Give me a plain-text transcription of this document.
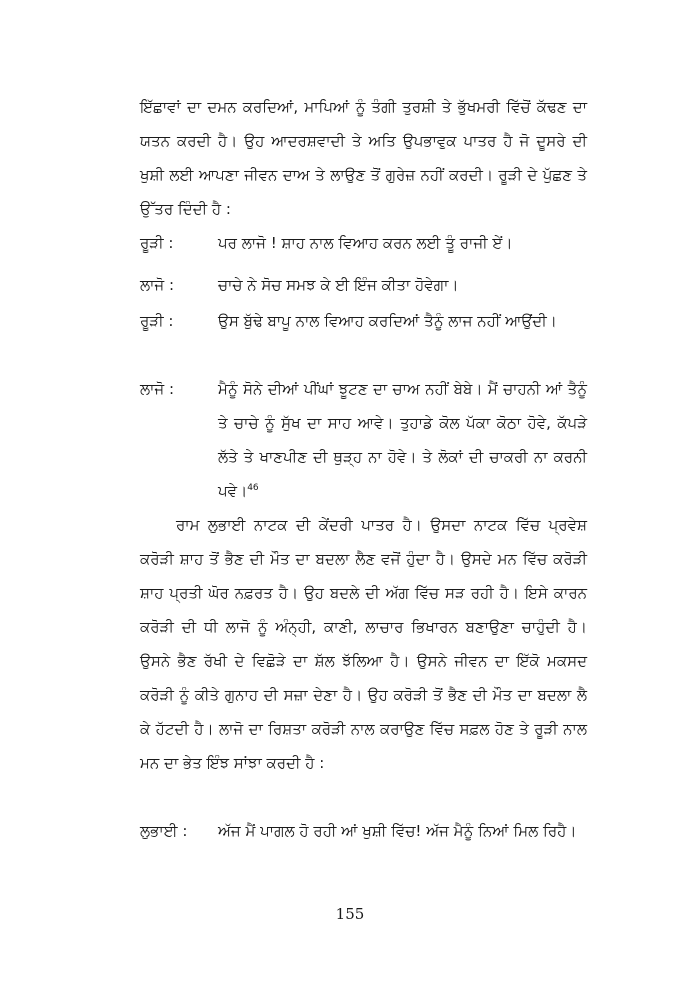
ਇੱਛਾਵਾਂ ਦਾ ਦਮਨ ਕਰਦਿਆਂ, ਮਾਪਿਆਂ ਨੂੰ ਤੰਗੀ ਤੁਰਸ਼ੀ ਤੇ ਭੁੱਖਮਰੀ ਵਿੱਚੋਂ ਕੱਢਣ ਦਾ ਯਤਨ ਕਰਦੀ ਹੈ। ਉਹ ਆਦਰਸ਼ਵਾਦੀ ਤੇ ਅਤਿ ਉਪਭਾਵੁਕ ਪਾਤਰ ਹੈ ਜੋ ਦੂਸਰੇ ਦੀ ਖੁਸ਼ੀ ਲਈ ਆਪਣਾ ਜੀਵਨ ਦਾਅ ਤੇ ਲਾਉਣ ਤੋਂ ਗੁਰੇਜ਼ ਨਹੀਂ ਕਰਦੀ। ਰੂੜੀ ਦੇ ਪੁੱਛਣ ਤੇ ਉੱਤਰ ਦਿੰਦੀ ਹੈ :

ਰੂੜੀ :	ਪਰ ਲਾਜੋ ! ਸ਼ਾਹ ਨਾਲ ਵਿਆਹ ਕਰਨ ਲਈ ਤੂੰ ਰਾਜੀ ਏਂ।
ਲਾਜੋ :	ਚਾਚੇ ਨੇ ਸੋਚ ਸਮਝ ਕੇ ਈ ਇੰਜ ਕੀਤਾ ਹੋਵੇਗਾ।
ਰੂੜੀ :	ਉਸ ਬੁੱਢੇ ਬਾਪੂ ਨਾਲ ਵਿਆਹ ਕਰਦਿਆਂ ਤੈਨੂੰ ਲਾਜ ਨਹੀਂ ਆਉਂਦੀ।
ਲਾਜੋ :	ਮੈਨੂੰ ਸੋਨੇ ਦੀਆਂ ਪੀਂਘਾਂ ਝੂਟਣ ਦਾ ਚਾਅ ਨਹੀਂ ਬੇਬੇ। ਮੈਂ ਚਾਹਨੀ ਆਂ ਤੈਨੂੰ ਤੇ ਚਾਚੇ ਨੂੰ ਸੁੱਖ ਦਾ ਸਾਹ ਆਵੇ। ਤੁਹਾਡੇ ਕੋਲ ਪੱਕਾ ਕੋਠਾ ਹੋਵੇ, ਕੱਪੜੇ ਲੱਤੇ ਤੇ ਖਾਣਪੀਣ ਦੀ ਥੁੜ੍ਹ ਨਾ ਹੋਵੇ। ਤੇ ਲੋਕਾਂ ਦੀ ਚਾਕਰੀ ਨਾ ਕਰਨੀ ਪਵੇ।$^{46}$

ਰਾਮ ਲੁਭਾਈ ਨਾਟਕ ਦੀ ਕੇਂਦਰੀ ਪਾਤਰ ਹੈ। ਉਸਦਾ ਨਾਟਕ ਵਿੱਚ ਪ੍ਰਵੇਸ਼ ਕਰੋੜੀ ਸ਼ਾਹ ਤੋਂ ਭੈਣ ਦੀ ਮੌਤ ਦਾ ਬਦਲਾ ਲੈਣ ਵਜੋਂ ਹੁੰਦਾ ਹੈ। ਉਸਦੇ ਮਨ ਵਿੱਚ ਕਰੋੜੀ ਸ਼ਾਹ ਪ੍ਰਤੀ ਘੋਰ ਨਫ਼ਰਤ ਹੈ। ਉਹ ਬਦਲੇ ਦੀ ਅੱਗ ਵਿੱਚ ਸੜ ਰਹੀ ਹੈ। ਇਸੇ ਕਾਰਨ ਕਰੋੜੀ ਦੀ ਧੀ ਲਾਜੋ ਨੂੰ ਅੰਨ੍ਹੀ, ਕਾਣੀ, ਲਾਚਾਰ ਭਿਖਾਰਨ ਬਣਾਉਣਾ ਚਾਹੁੰਦੀ ਹੈ। ਉਸਨੇ ਭੈਣ ਰੱਖੀ ਦੇ ਵਿਛੋੜੇ ਦਾ ਸ਼ੱਲ ਝੱਲਿਆ ਹੈ। ਉਸਨੇ ਜੀਵਨ ਦਾ ਇੱਕੋ ਮਕਸਦ ਕਰੋੜੀ ਨੂੰ ਕੀਤੇ ਗੁਨਾਹ ਦੀ ਸਜ਼ਾ ਦੇਣਾ ਹੈ। ਉਹ ਕਰੋੜੀ ਤੋਂ ਭੈਣ ਦੀ ਮੌਤ ਦਾ ਬਦਲਾ ਲੈ ਕੇ ਹੱਟਦੀ ਹੈ। ਲਾਜੋ ਦਾ ਰਿਸ਼ਤਾ ਕਰੋੜੀ ਨਾਲ ਕਰਾਉਣ ਵਿੱਚ ਸਫ਼ਲ ਹੋਣ ਤੇ ਰੂੜੀ ਨਾਲ ਮਨ ਦਾ ਭੇਤ ਇੰਝ ਸਾਂਝਾ ਕਰਦੀ ਹੈ :

ਲੁਭਾਈ :	ਅੱਜ ਮੈਂ ਪਾਗਲ ਹੋ ਰਹੀ ਆਂ ਖੁਸ਼ੀ ਵਿੱਚ! ਅੱਜ ਮੈਨੂੰ ਨਿਆਂ ਮਿਲ ਰਿਹੈ।
155
